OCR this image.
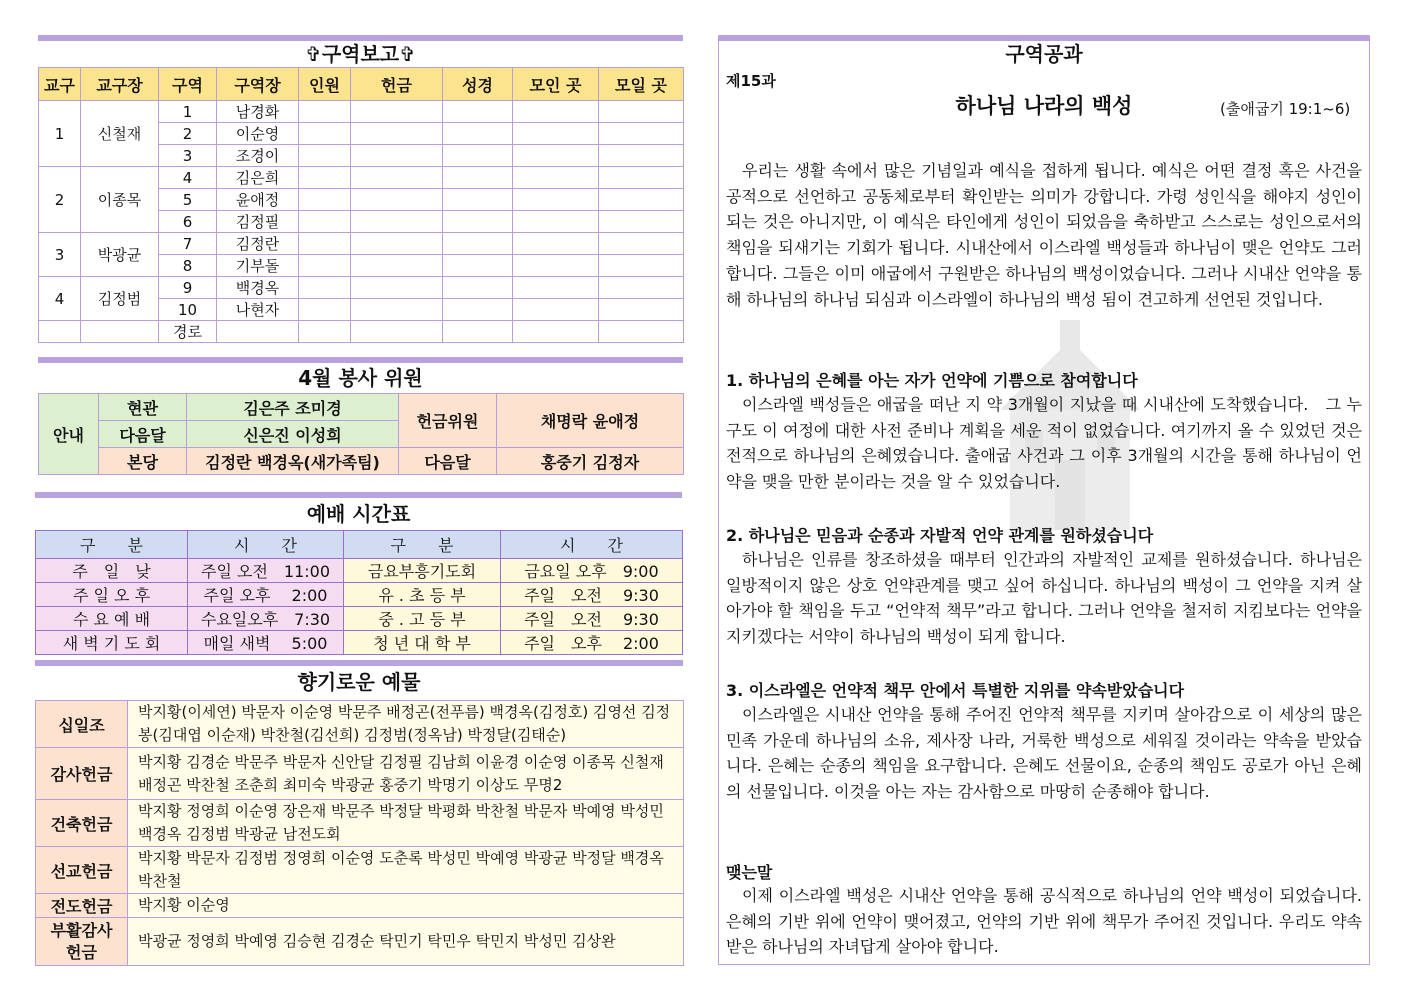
✞구역보고✞
교구	교구장	구역	구역장	인원	헌금	성경	모인 곳	모일 곳
1	신철재	1	남경화					
		2	이순영					
		3	조경이					
2	이종목	4	김은희					
		5	윤애정					
		6	김정필					
3	박광균	7	김정란					
		8	기부돌					
4	김정범	9	백경옥					
		10	나현자					
		경로						
4월 봉사 위원
안내	현관	김은주 조미경	헌금위원	채명락 윤애정
	다음달	신은진 이성희		
	본당	김정란 백경옥(새가족팀)	다음달	홍중기 김정자
예배 시간표
구　　분	시　　간	구　　분	시　　간
주　일　낮	주일 오전　11:00	금요부흥기도회	금요일 오후　9:00
주 일 오 후	주일 오후　 2:00	유 . 초 등 부	주일　오전　 9:30
수 요 예 배	수요일오후　7:30	중 . 고 등 부	주일　오전　 9:30
새 벽 기 도 회	매일 새벽　 5:00	청 년 대 학 부	주일　오후　 2:00
향기로운 예물
십일조	박지황(이세연) 박문자 이순영 박문주 배정곤(전푸름) 백경옥(김정호) 김영선 김정봉(김대엽 이순재) 박찬철(김선희) 김정범(정옥남) 박정달(김태순)
감사헌금	박지황 김경순 박문주 박문자 신안달 김정필 김남희 이윤경 이순영 이종목 신철재 배정곤 박찬철 조춘희 최미숙 박광균 홍중기 박명기 이상도 무명2
건축헌금	박지황 정영희 이순영 장은재 박문주 박정달 박평화 박찬철 박문자 박예영 박성민 백경옥 김정범 박광균 남전도회
선교헌금	박지황 박문자 김정범 정영희 이순영 도춘록 박성민 박예영 박광균 박정달 백경옥 박찬철
전도헌금	박지황 이순영
부활감사
헌금	박광균 정영희 박예영 김승현 김경순 탁민기 탁민우 탁민지 박성민 김상완
구역공과
제15과
하나님 나라의 백성	(출애굽기 19:1~6)
우리는 생활 속에서 많은 기념일과 예식을 접하게 됩니다. 예식은 어떤 결정 혹은 사건을 공적으로 선언하고 공동체로부터 확인받는 의미가 강합니다. 가령 성인식을 해야지 성인이 되는 것은 아니지만, 이 예식은 타인에게 성인이 되었음을 축하받고 스스로는 성인으로서의 책임을 되새기는 기회가 됩니다. 시내산에서 이스라엘 백성들과 하나님이 맺은 언약도 그러합니다. 그들은 이미 애굽에서 구원받은 하나님의 백성이었습니다. 그러나 시내산 언약을 통해 하나님의 하나님 되심과 이스라엘이 하나님의 백성 됨이 견고하게 선언된 것입니다.
1. 하나님의 은혜를 아는 자가 언약에 기쁨으로 참여합니다
이스라엘 백성들은 애굽을 떠난 지 약 3개월이 지났을 때 시내산에 도착했습니다.　그 누구도 이 여정에 대한 사전 준비나 계획을 세운 적이 없었습니다. 여기까지 올 수 있었던 것은 전적으로 하나님의 은혜였습니다. 출애굽 사건과 그 이후 3개월의 시간을 통해 하나님이 언약을 맺을 만한 분이라는 것을 알 수 있었습니다.
2. 하나님은 믿음과 순종과 자발적 언약 관계를 원하셨습니다
하나님은 인류를 창조하셨을 때부터 인간과의 자발적인 교제를 원하셨습니다. 하나님은 일방적이지 않은 상호 언약관계를 맺고 싶어 하십니다. 하나님의 백성이 그 언약을 지켜 살아가야 할 책임을 두고 “언약적 책무”라고 합니다. 그러나 언약을 철저히 지킴보다는 언약을 지키겠다는 서약이 하나님의 백성이 되게 합니다.
3. 이스라엘은 언약적 책무 안에서 특별한 지위를 약속받았습니다
이스라엘은 시내산 언약을 통해 주어진 언약적 책무를 지키며 살아감으로 이 세상의 많은 민족 가운데 하나님의 소유, 제사장 나라, 거룩한 백성으로 세워질 것이라는 약속을 받았습니다. 은혜는 순종의 책임을 요구합니다. 은혜도 선물이요, 순종의 책임도 공로가 아닌 은혜의 선물입니다. 이것을 아는 자는 감사함으로 마땅히 순종해야 합니다.
맺는말
이제 이스라엘 백성은 시내산 언약을 통해 공식적으로 하나님의 언약 백성이 되었습니다. 은혜의 기반 위에 언약이 맺어졌고, 언약의 기반 위에 책무가 주어진 것입니다. 우리도 약속받은 하나님의 자녀답게 살아야 합니다.
